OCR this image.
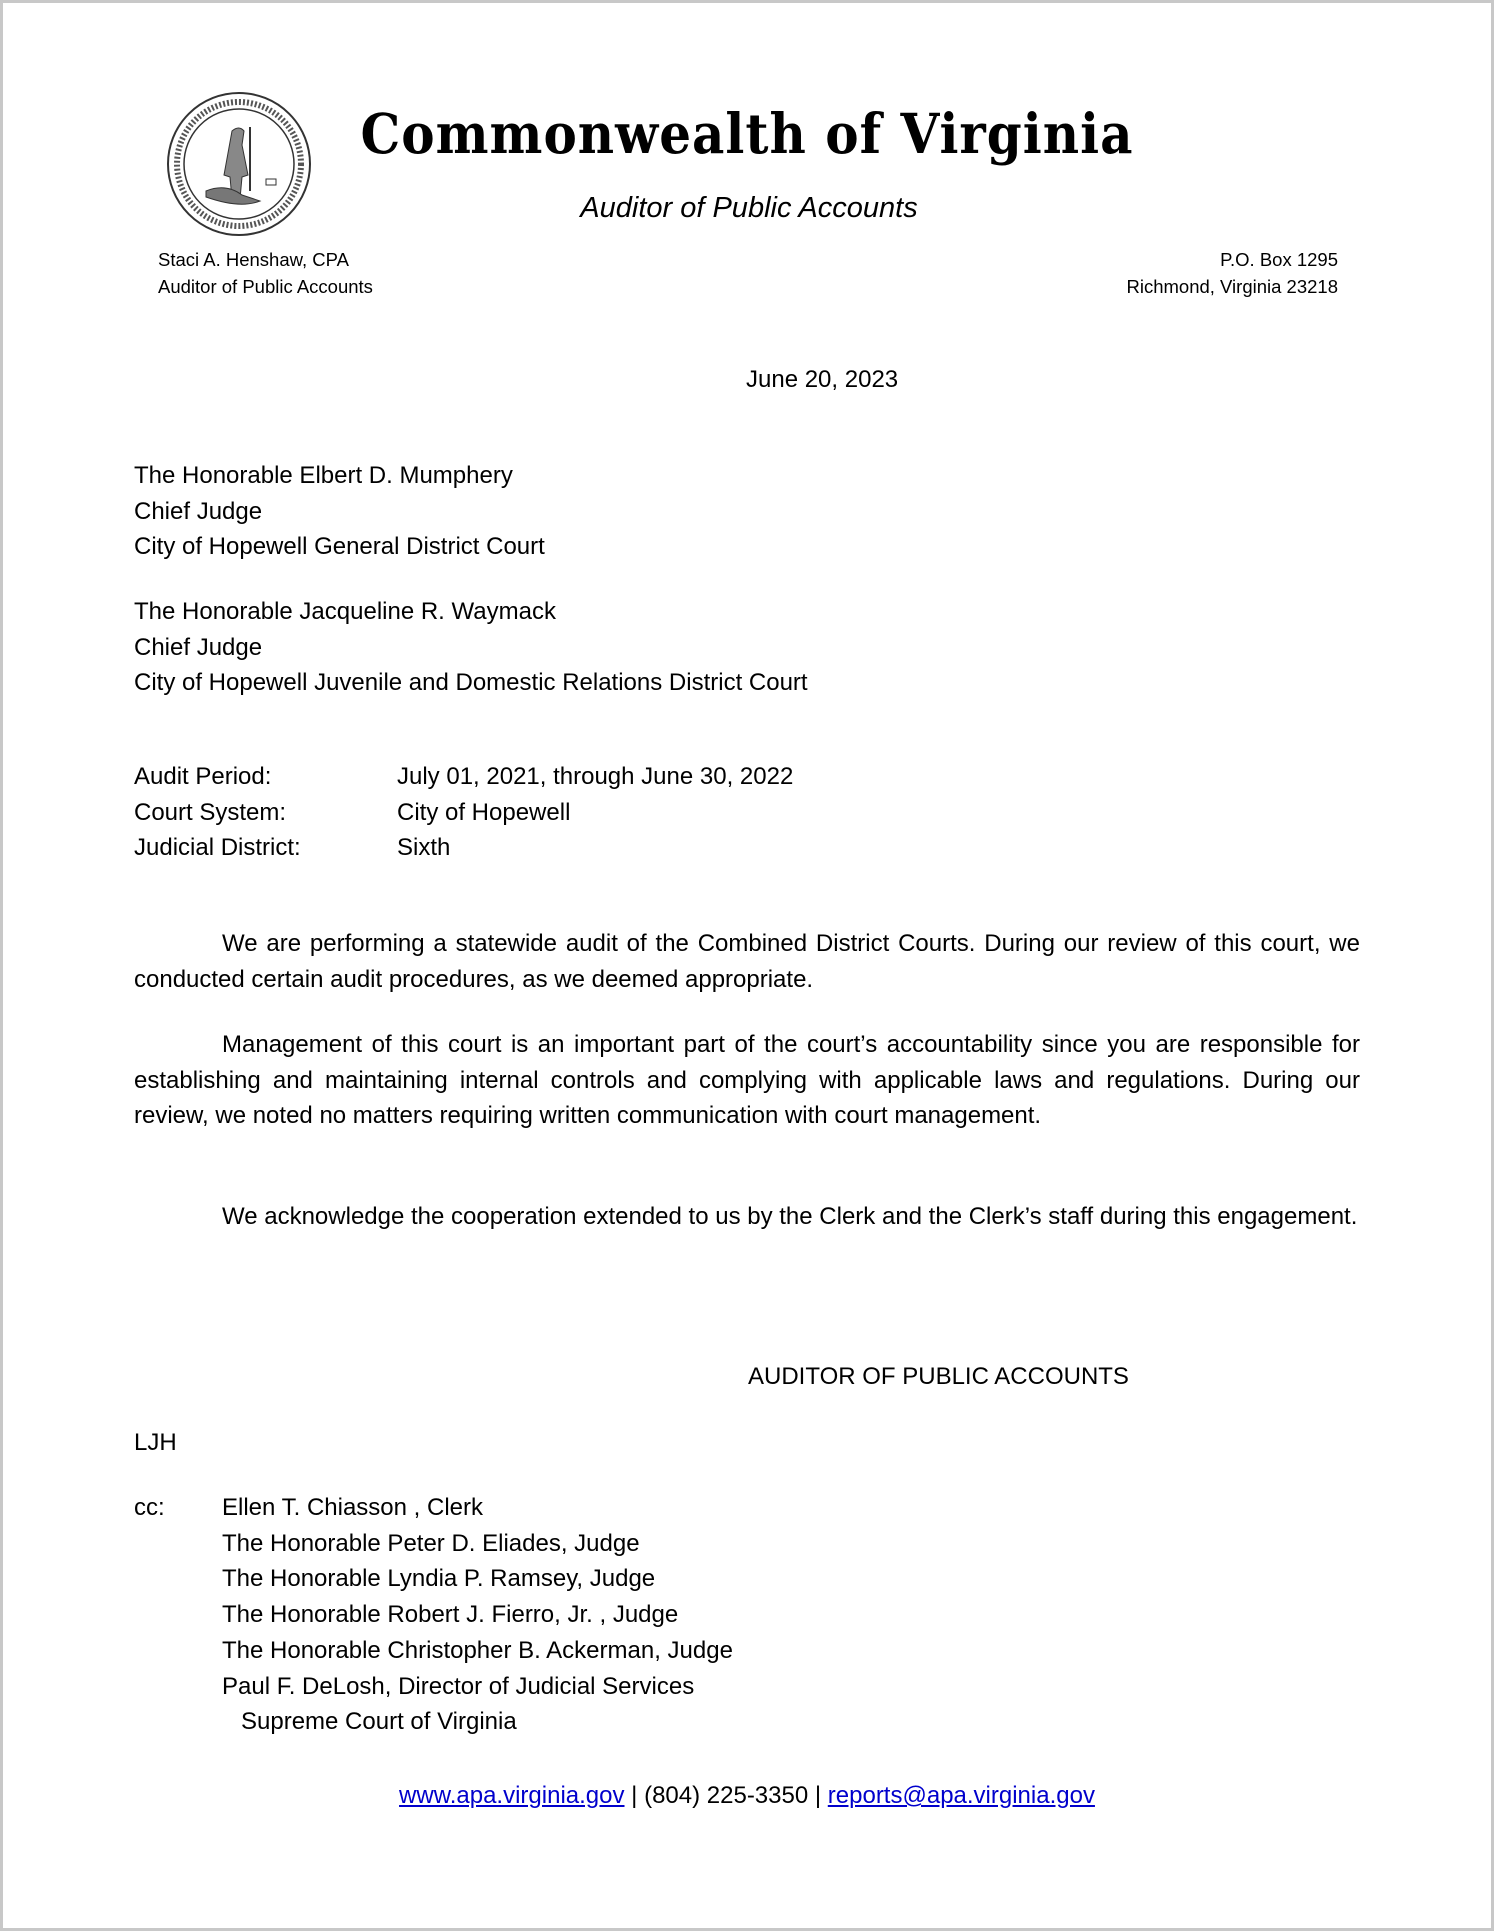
Commonwealth of Virginia
Auditor of Public Accounts
Staci A. Henshaw, CPA
Auditor of Public Accounts
P.O. Box 1295
Richmond, Virginia 23218
June 20, 2023
The Honorable Elbert D. Mumphery
Chief Judge
City of Hopewell General District Court
The Honorable Jacqueline R. Waymack
Chief Judge
City of Hopewell Juvenile and Domestic Relations District Court
Audit Period:	July 01, 2021, through June 30, 2022
Court System:	City of Hopewell
Judicial District:	Sixth
We are performing a statewide audit of the Combined District Courts. During our review of this court, we conducted certain audit procedures, as we deemed appropriate.
Management of this court is an important part of the court’s accountability since you are responsible for establishing and maintaining internal controls and complying with applicable laws and regulations. During our review, we noted no matters requiring written communication with court management.
We acknowledge the cooperation extended to us by the Clerk and the Clerk’s staff during this engagement.
AUDITOR OF PUBLIC ACCOUNTS
LJH
cc: Ellen T. Chiasson , Clerk
The Honorable Peter D. Eliades, Judge
The Honorable Lyndia P. Ramsey, Judge
The Honorable Robert J. Fierro, Jr. , Judge
The Honorable Christopher B. Ackerman, Judge
Paul F. DeLosh, Director of Judicial Services
Supreme Court of Virginia
www.apa.virginia.gov | (804) 225-3350 | reports@apa.virginia.gov
